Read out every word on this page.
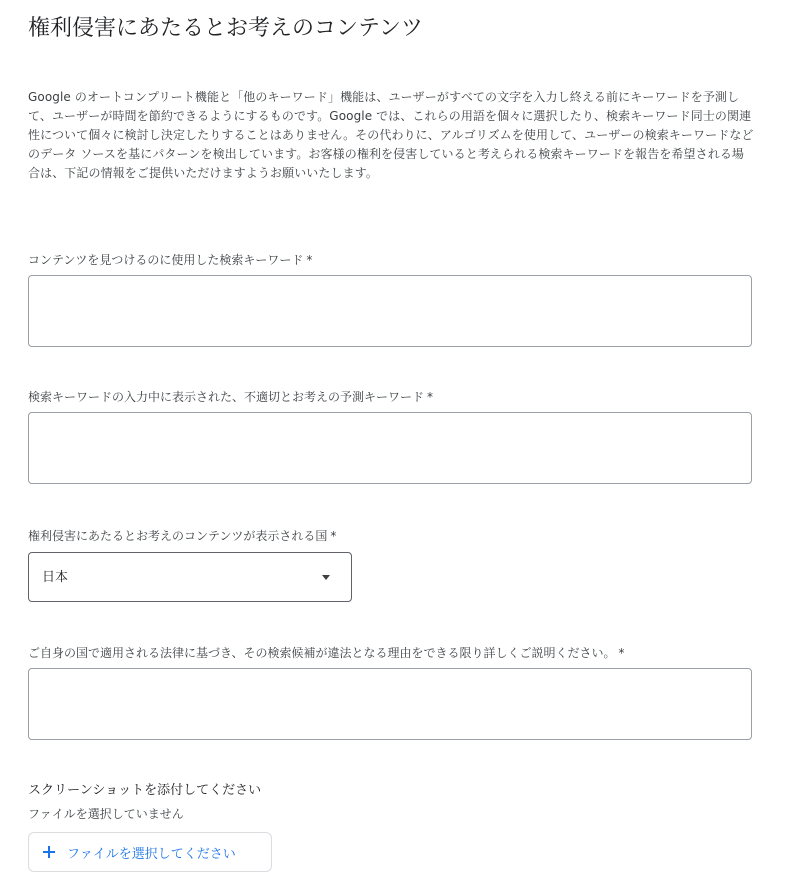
権利侵害にあたるとお考えのコンテンツ

Google のオートコンプリート機能と「他のキーワード」機能は、ユーザーがすべての文字を入力し終える前にキーワードを予測して、ユーザーが時間を節約できるようにするものです。Google では、これらの用語を個々に選択したり、検索キーワード同士の関連性について個々に検討し決定したりすることはありません。その代わりに、アルゴリズムを使用して、ユーザーの検索キーワードなどのデータ ソースを基にパターンを検出しています。お客様の権利を侵害していると考えられる検索キーワードを報告を希望される場合は、下記の情報をご提供いただけますようお願いいたします。

コンテンツを見つけるのに使用した検索キーワード *
検索キーワードの入力中に表示された、不適切とお考えの予測キーワード *
権利侵害にあたるとお考えのコンテンツが表示される国 *
日本
ご自身の国で適用される法律に基づき、その検索候補が違法となる理由をできる限り詳しくご説明ください。 *
スクリーンショットを添付してください
ファイルを選択していません
ファイルを選択してください
